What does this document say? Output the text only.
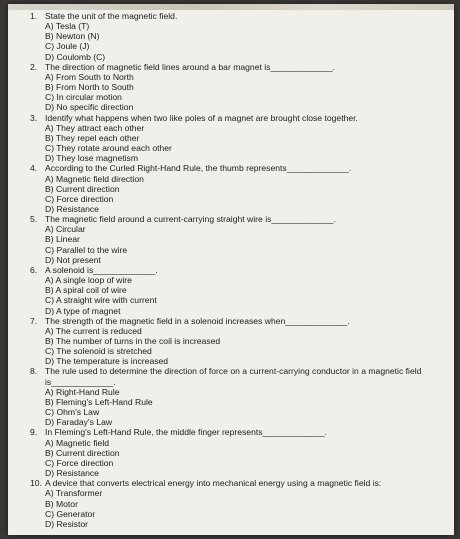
1. State the unit of the magnetic field.
A) Tesla (T)
B) Newton (N)
C) Joule (J)
D) Coulomb (C)
2. The direction of magnetic field lines around a bar magnet is_____________.
A) From South to North
B) From North to South
C) In circular motion
D) No specific direction
3. Identify what happens when two like poles of a magnet are brought close together.
A) They attract each other
B) They repel each other
C) They rotate around each other
D) They lose magnetism
4. According to the Curled Right-Hand Rule, the thumb represents_____________.
A) Magnetic field direction
B) Current direction
C) Force direction
D) Resistance
5. The magnetic field around a current-carrying straight wire is_____________.
A) Circular
B) Linear
C) Parallel to the wire
D) Not present
6. A solenoid is_____________.
A) A single loop of wire
B) A spiral coil of wire
C) A straight wire with current
D) A type of magnet
7. The strength of the magnetic field in a solenoid increases when_____________.
A) The current is reduced
B) The number of turns in the coil is increased
C) The solenoid is stretched
D) The temperature is increased
8. The rule used to determine the direction of force on a current-carrying conductor in a magnetic field is_____________.
A) Right-Hand Rule
B) Fleming's Left-Hand Rule
C) Ohm's Law
D) Faraday's Law
9. In Fleming's Left-Hand Rule, the middle finger represents_____________.
A) Magnetic field
B) Current direction
C) Force direction
D) Resistance
10. A device that converts electrical energy into mechanical energy using a magnetic field is:
A) Transformer
B) Motor
C) Generator
D) Resistor
